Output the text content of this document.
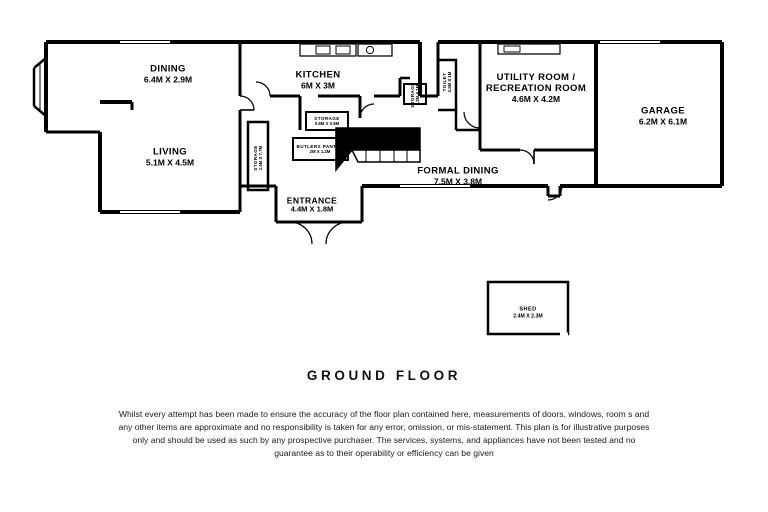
DINING
6.4M X 2.9M	KITCHEN
6M X 3M
UTILITY ROOM /
RECREATION ROOM
4.6M X 4.2M
GARAGE
6.2M X 6.1M
LIVING
5.1M X 4.5M
FORMAL DINING
7.5M X 3.8M
ENTRANCE
4.4M X 1.8M
STORAGE
0.8M X 0.9M
STORAGE 1.5M X 7.7M
STORAGE 1.2M X 1M
BUTLERS PANTRY
2M X 1.2M
TOILET 2.5M X 1M
SHED
2.4M X 2.3M
GROUND FLOOR
Whilst every attempt has been made to ensure the accuracy of the floor plan contained here, measurements of doors, windows, room s and any other items are approximate and no responsibility is taken for any error, omission, or mis-statement. This plan is for illustrative purposes only and should be used as such by any prospective purchaser. The services, systems, and appliances have not been tested and no guarantee as to their operability or efficiency can be given
